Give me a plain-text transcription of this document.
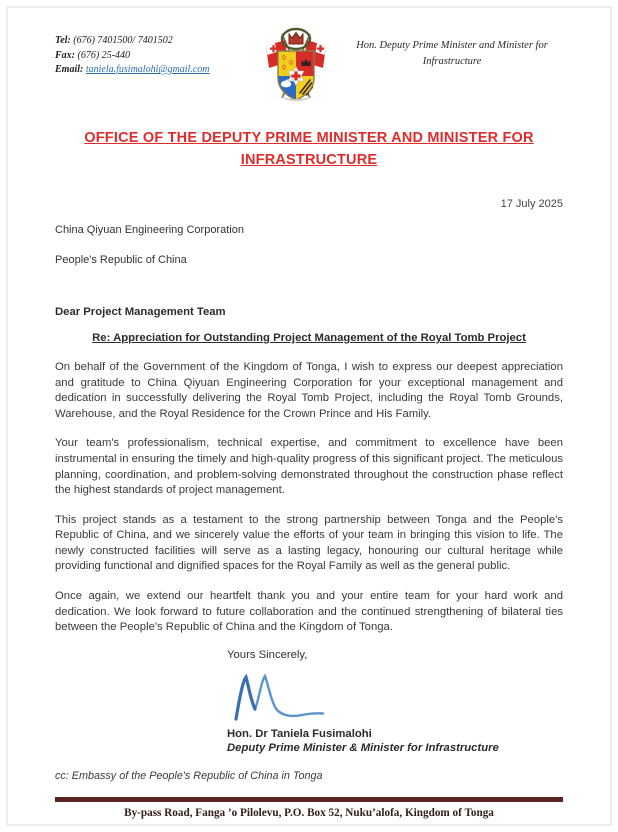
Tel: (676) 7401500/ 7401502
Fax: (676) 25-440
Email: taniela.fusimalohi@gmail.com
Hon. Deputy Prime Minister and Minister for Infrastructure
OFFICE OF THE DEPUTY PRIME MINISTER AND MINISTER FOR INFRASTRUCTURE
17 July 2025
China Qiyuan Engineering Corporation
People's Republic of China
Dear Project Management Team
Re: Appreciation for Outstanding Project Management of the Royal Tomb Project
On behalf of the Government of the Kingdom of Tonga, I wish to express our deepest appreciation and gratitude to China Qiyuan Engineering Corporation for your exceptional management and dedication in successfully delivering the Royal Tomb Project, including the Royal Tomb Grounds, Warehouse, and the Royal Residence for the Crown Prince and His Family.
Your team's professionalism, technical expertise, and commitment to excellence have been instrumental in ensuring the timely and high-quality progress of this significant project. The meticulous planning, coordination, and problem-solving demonstrated throughout the construction phase reflect the highest standards of project management.
This project stands as a testament to the strong partnership between Tonga and the People's Republic of China, and we sincerely value the efforts of your team in bringing this vision to life. The newly constructed facilities will serve as a lasting legacy, honouring our cultural heritage while providing functional and dignified spaces for the Royal Family as well as the general public.
Once again, we extend our heartfelt thank you and your entire team for your hard work and dedication. We look forward to future collaboration and the continued strengthening of bilateral ties between the People's Republic of China and the Kingdom of Tonga.
Yours Sincerely,
Hon. Dr Taniela Fusimalohi
Deputy Prime Minister & Minister for Infrastructure
cc: Embassy of the People's Republic of China in Tonga
By-pass Road, Fanga ’o Pilolevu, P.O. Box 52, Nuku’alofa, Kingdom of Tonga
